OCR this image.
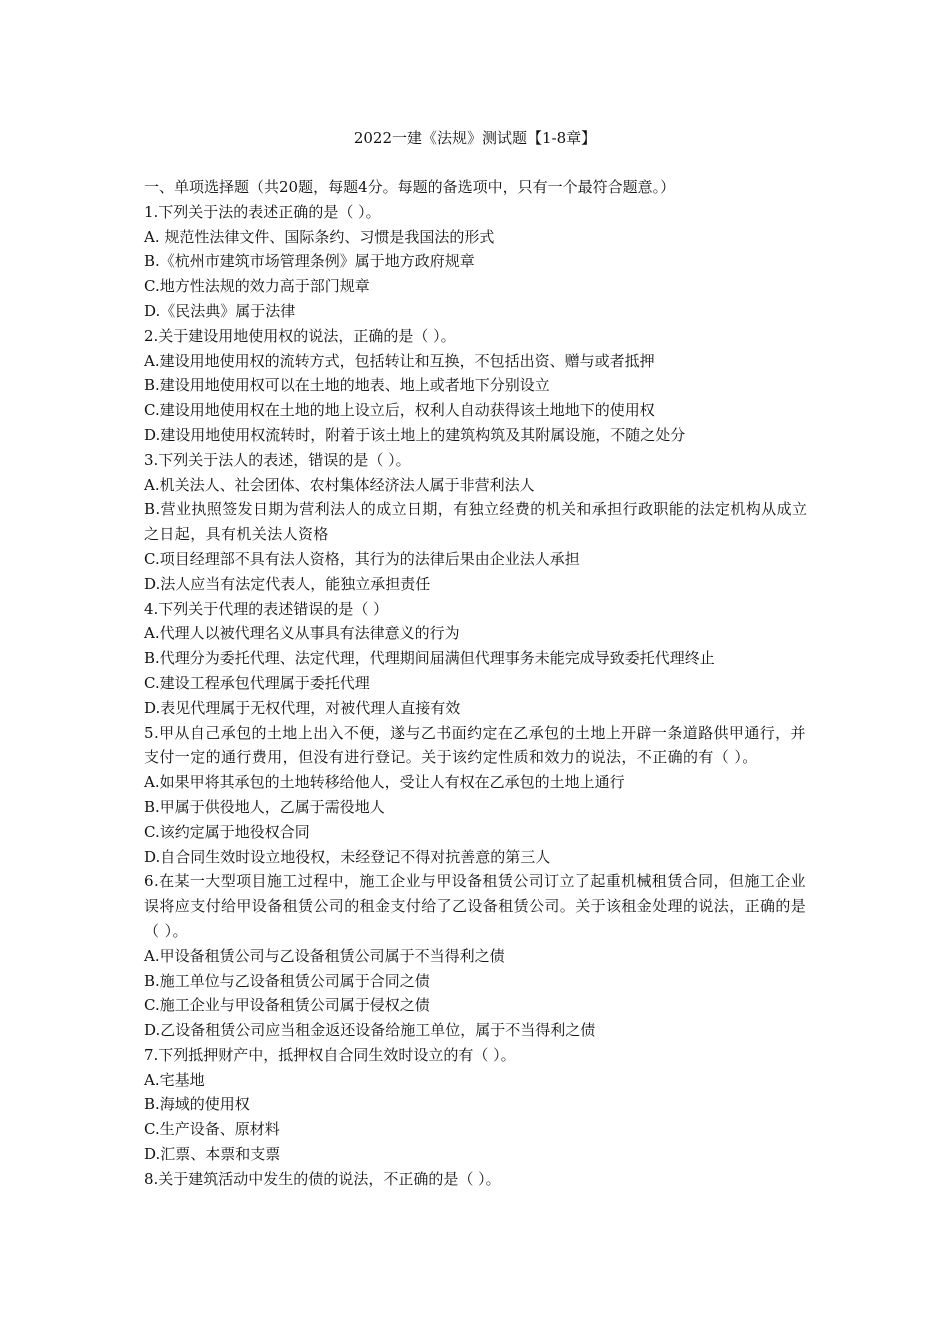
2022一建《法规》测试题【1-8章】
一、单项选择题（共20题，每题4分。每题的备选项中，只有一个最符合题意。）
1.下列关于法的表述正确的是（ ）。
A. 规范性法律文件、国际条约、习惯是我国法的形式
B.《杭州市建筑市场管理条例》属于地方政府规章
C.地方性法规的效力高于部门规章
D.《民法典》属于法律
2.关于建设用地使用权的说法，正确的是（ ）。
A.建设用地使用权的流转方式，包括转让和互换，不包括出资、赠与或者抵押
B.建设用地使用权可以在土地的地表、地上或者地下分别设立
C.建设用地使用权在土地的地上设立后，权利人自动获得该土地地下的使用权
D.建设用地使用权流转时，附着于该土地上的建筑构筑及其附属设施，不随之处分
3.下列关于法人的表述，错误的是（ ）。
A.机关法人、社会团体、农村集体经济法人属于非营利法人
B.营业执照签发日期为营利法人的成立日期，有独立经费的机关和承担行政职能的法定机构从成立之日起，具有机关法人资格
C.项目经理部不具有法人资格，其行为的法律后果由企业法人承担
D.法人应当有法定代表人，能独立承担责任
4.下列关于代理的表述错误的是（ ）
A.代理人以被代理名义从事具有法律意义的行为
B.代理分为委托代理、法定代理，代理期间届满但代理事务未能完成导致委托代理终止
C.建设工程承包代理属于委托代理
D.表见代理属于无权代理，对被代理人直接有效
5.甲从自己承包的土地上出入不便，遂与乙书面约定在乙承包的土地上开辟一条道路供甲通行，并支付一定的通行费用，但没有进行登记。关于该约定性质和效力的说法，不正确的有（ ）。
A.如果甲将其承包的土地转移给他人，受让人有权在乙承包的土地上通行
B.甲属于供役地人，乙属于需役地人
C.该约定属于地役权合同
D.自合同生效时设立地役权，未经登记不得对抗善意的第三人
6.在某一大型项目施工过程中，施工企业与甲设备租赁公司订立了起重机械租赁合同，但施工企业误将应支付给甲设备租赁公司的租金支付给了乙设备租赁公司。关于该租金处理的说法，正确的是（ ）。
A.甲设备租赁公司与乙设备租赁公司属于不当得利之债
B.施工单位与乙设备租赁公司属于合同之债
C.施工企业与甲设备租赁公司属于侵权之债
D.乙设备租赁公司应当租金返还设备给施工单位，属于不当得利之债
7.下列抵押财产中，抵押权自合同生效时设立的有（ ）。
A.宅基地
B.海域的使用权
C.生产设备、原材料
D.汇票、本票和支票
8.关于建筑活动中发生的债的说法，不正确的是（ ）。
